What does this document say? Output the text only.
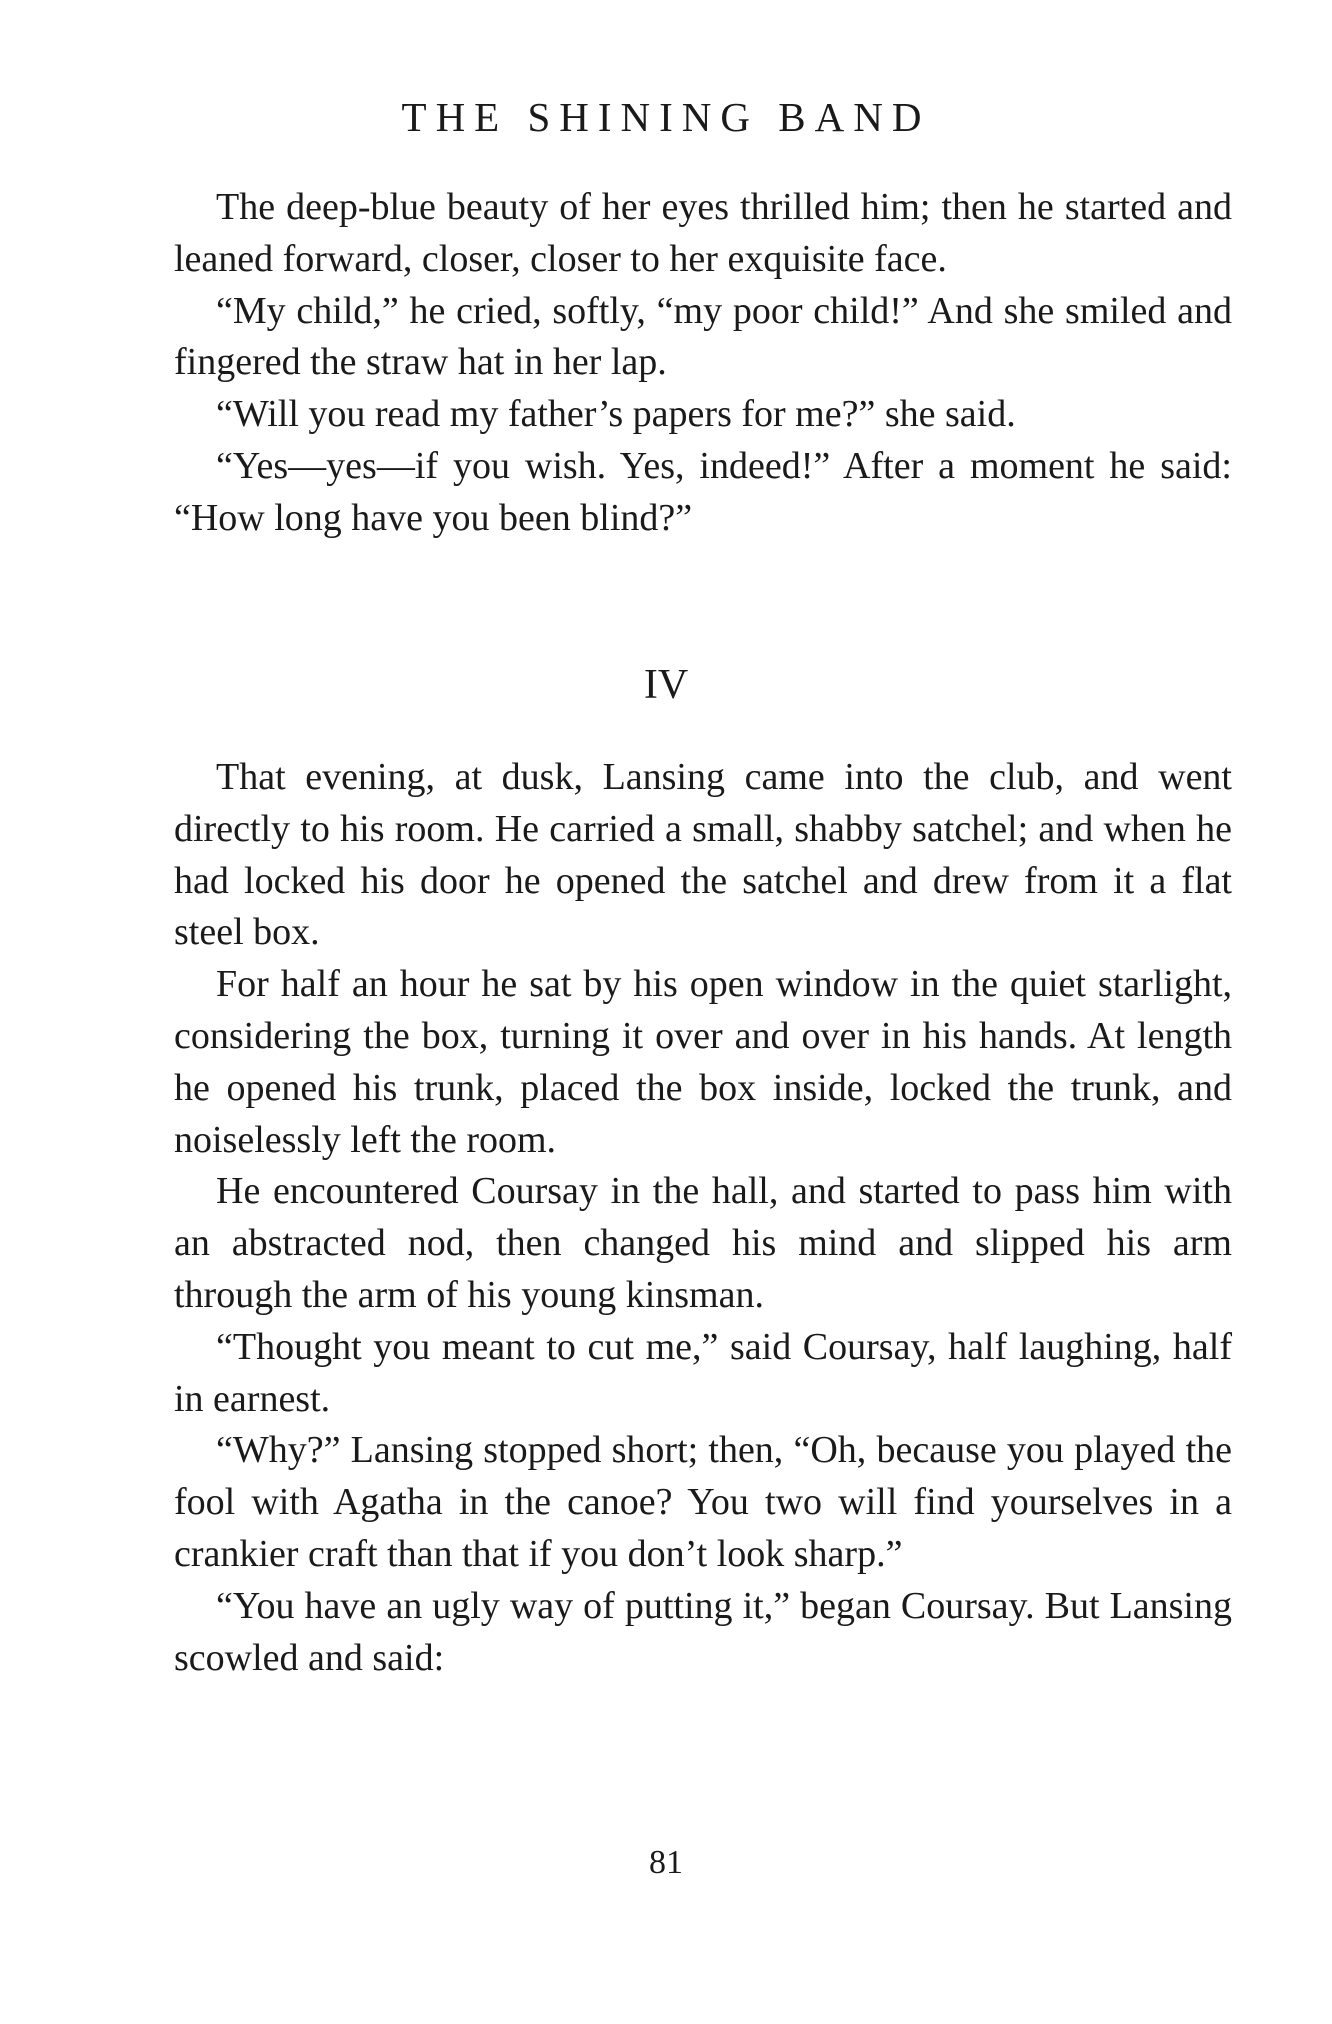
THE SHINING BAND

The deep-blue beauty of her eyes thrilled him; then he started and leaned forward, closer, closer to her exquisite face.

“My child,” he cried, softly, “my poor child!” And she smiled and fingered the straw hat in her lap.

“Will you read my father’s papers for me?” she said.

“Yes—yes—if you wish. Yes, indeed!” After a moment he said: “How long have you been blind?”

IV

That evening, at dusk, Lansing came into the club, and went directly to his room. He carried a small, shabby satchel; and when he had locked his door he opened the satchel and drew from it a flat steel box.

For half an hour he sat by his open window in the quiet starlight, considering the box, turning it over and over in his hands. At length he opened his trunk, placed the box inside, locked the trunk, and noiselessly left the room.

He encountered Coursay in the hall, and started to pass him with an abstracted nod, then changed his mind and slipped his arm through the arm of his young kinsman.

“Thought you meant to cut me,” said Coursay, half laughing, half in earnest.

“Why?” Lansing stopped short; then, “Oh, because you played the fool with Agatha in the canoe? You two will find yourselves in a crankier craft than that if you don’t look sharp.”

“You have an ugly way of putting it,” began Coursay. But Lansing scowled and said:

81
